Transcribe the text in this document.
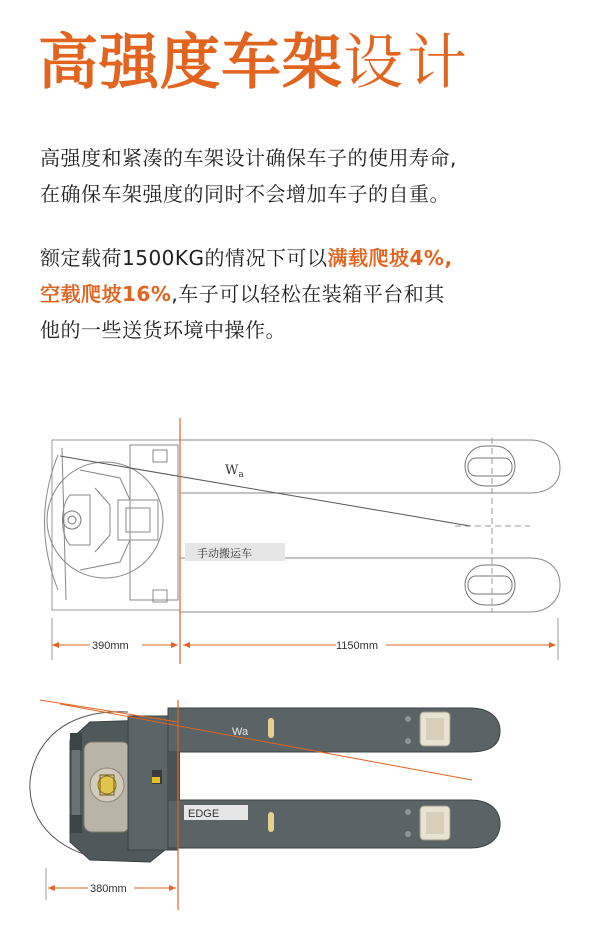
高强度车架 设计
高强度和紧凑的车架设计确保车子的使用寿命,
在确保车架强度的同时不会增加车子的自重。
额定载荷1500KG的情况下可以满载爬坡4%,
空载爬坡16%,车子可以轻松在装箱平台和其
他的一些送货环境中操作。
$W_a$
手动搬运车
390mm	1150mm
Wa
EDGE
380mm
